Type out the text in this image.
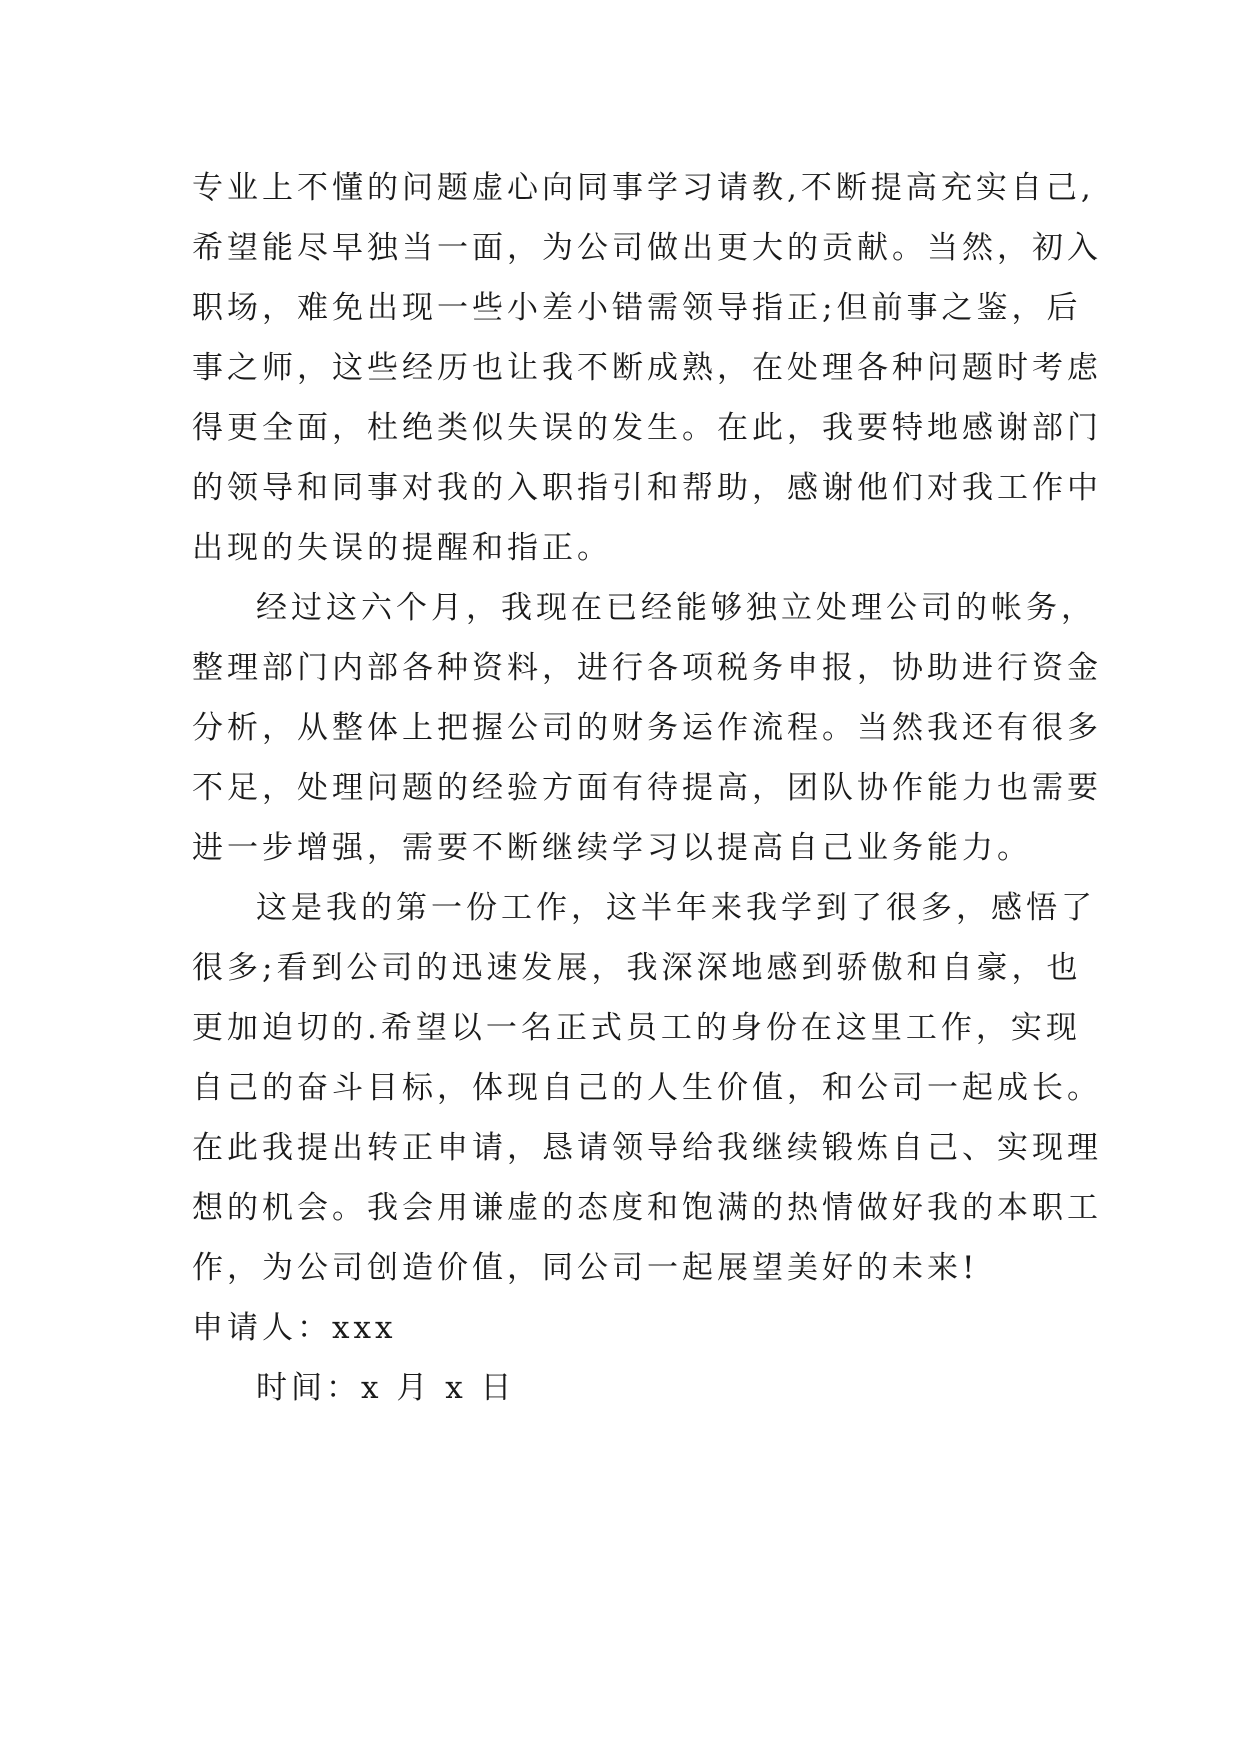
专业上不懂的问题虚心向同事学习请教,不断提高充实自己,
希望能尽早独当一面，为公司做出更大的贡献。当然，初入
职场，难免出现一些小差小错需领导指正;但前事之鉴，后
事之师，这些经历也让我不断成熟，在处理各种问题时考虑
得更全面，杜绝类似失误的发生。在此，我要特地感谢部门
的领导和同事对我的入职指引和帮助，感谢他们对我工作中
出现的失误的提醒和指正。
经过这六个月，我现在已经能够独立处理公司的帐务，
整理部门内部各种资料，进行各项税务申报，协助进行资金
分析，从整体上把握公司的财务运作流程。当然我还有很多
不足，处理问题的经验方面有待提高，团队协作能力也需要
进一步增强，需要不断继续学习以提高自己业务能力。
这是我的第一份工作，这半年来我学到了很多，感悟了
很多;看到公司的迅速发展，我深深地感到骄傲和自豪，也
更加迫切的.希望以一名正式员工的身份在这里工作，实现
自己的奋斗目标，体现自己的人生价值，和公司一起成长。
在此我提出转正申请，恳请领导给我继续锻炼自己、实现理
想的机会。我会用谦虚的态度和饱满的热情做好我的本职工
作，为公司创造价值，同公司一起展望美好的未来!
申请人：xxx
时间：x 月 x 日
